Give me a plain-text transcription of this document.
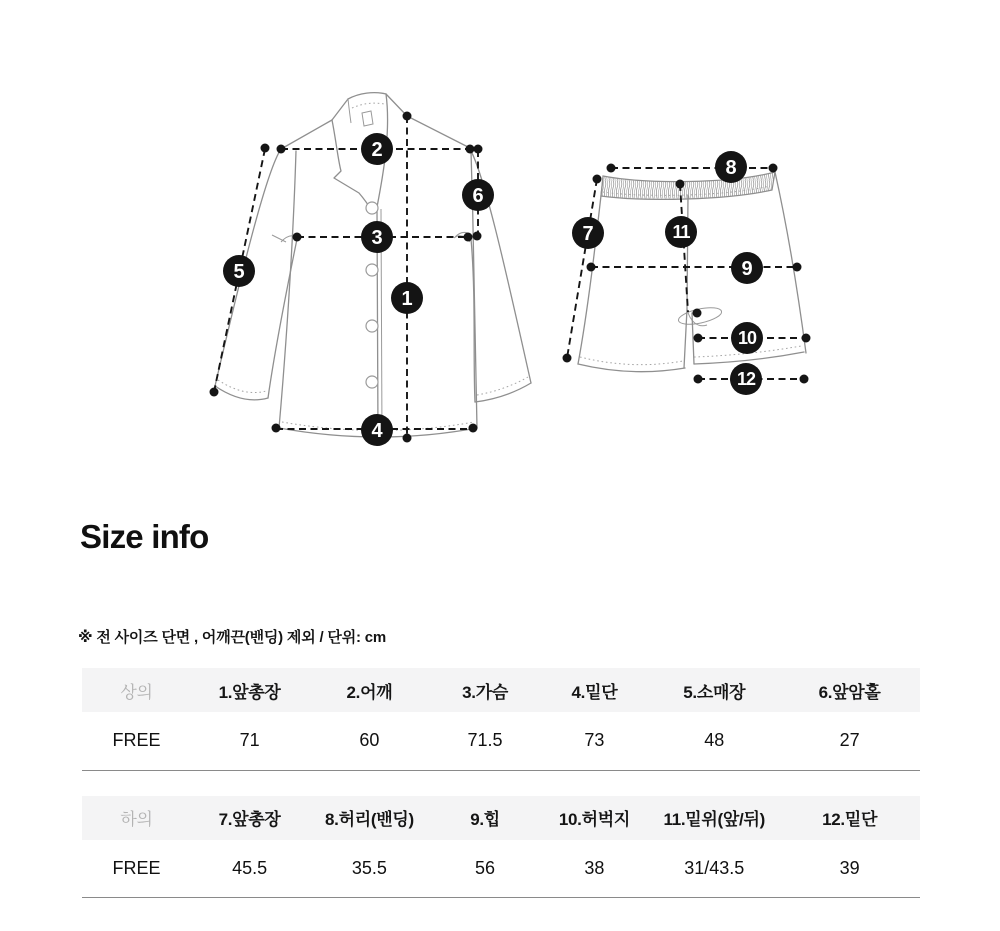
1
2
3
4
5
6
7
8
9
10
11
12
Size info

※ 전 사이즈 단면 , 어깨끈(밴딩) 제외 / 단위: cm

상의	1.앞총장	2.어깨	3.가슴	4.밑단	5.소매장	6.앞암홀
FREE	71	60	71.5	73	48	27
하의	7.앞총장	8.허리(밴딩)	9.힙	10.허벅지	11.밑위(앞/뒤)	12.밑단
FREE	45.5	35.5	56	38	31/43.5	39
